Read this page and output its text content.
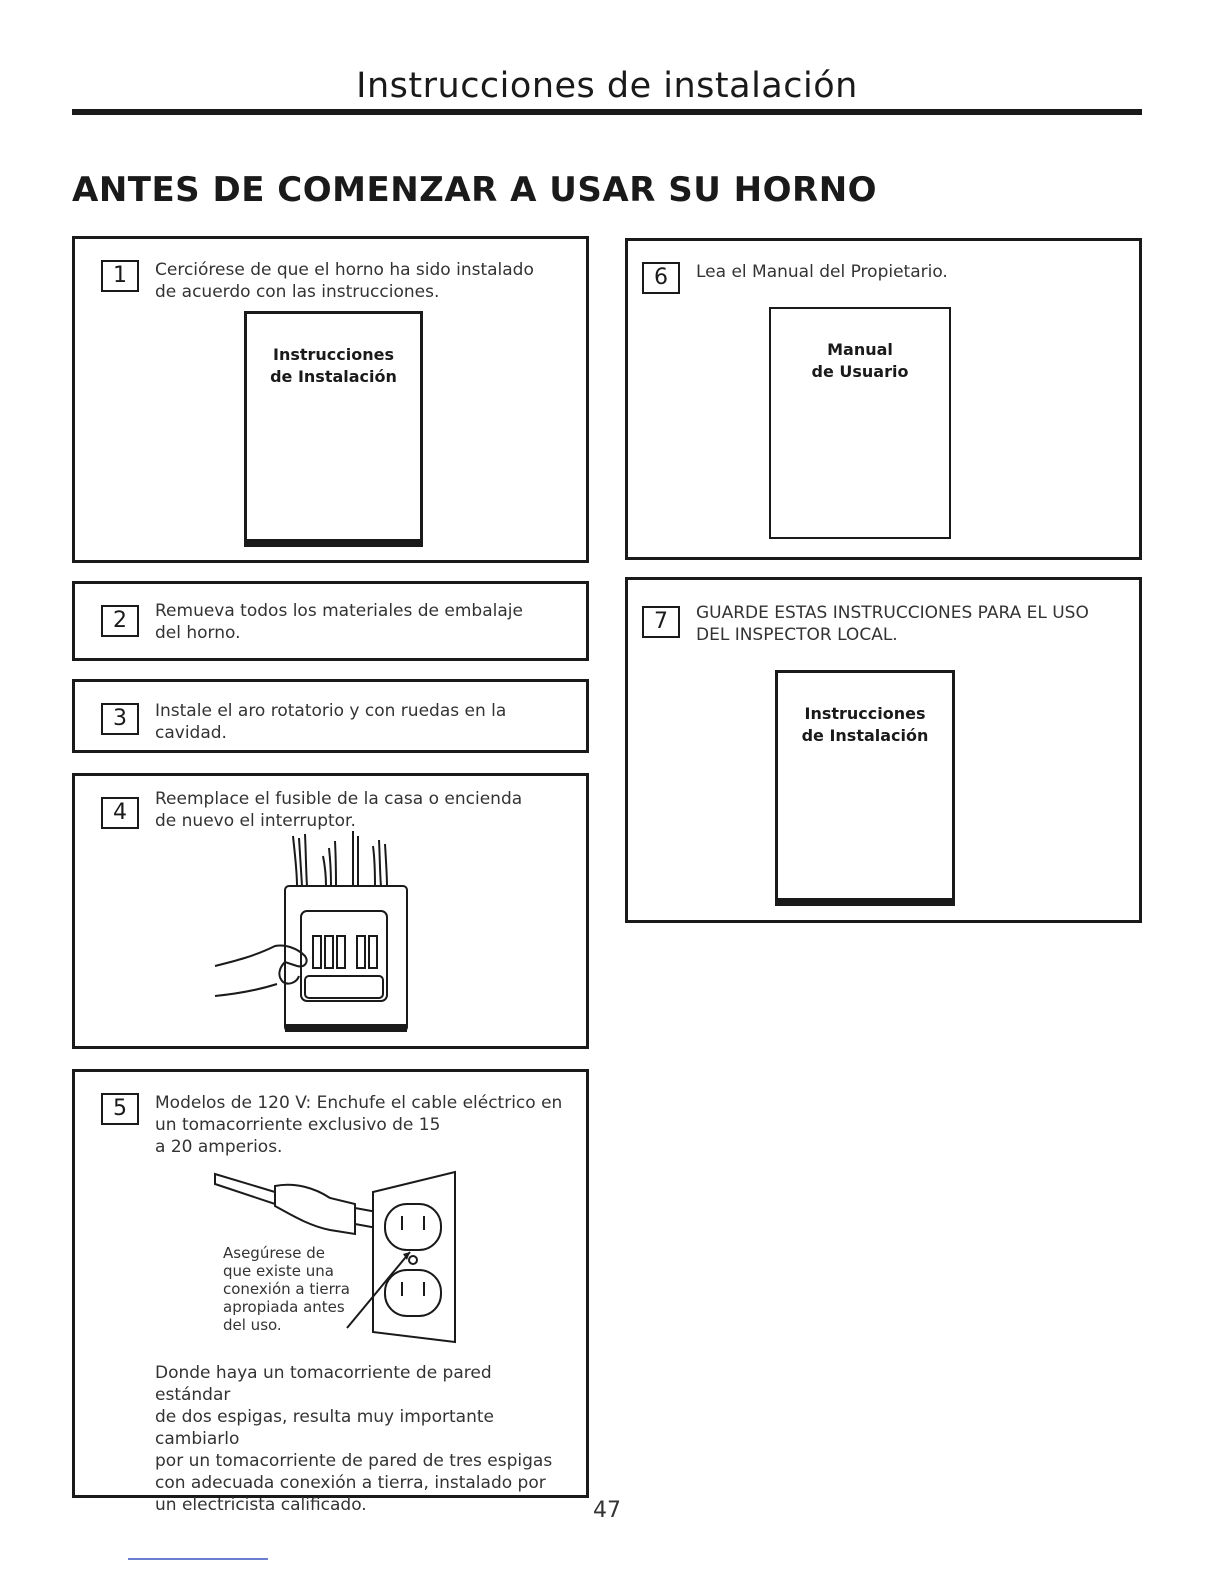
Instrucciones de instalación
ANTES DE COMENZAR A USAR SU HORNO
1	Cerciórese de que el horno ha sido instalado
de acuerdo con las instrucciones.
Instrucciones
de Instalación
2	Remueva todos los materiales de embalaje
del horno.
3	Instale el aro rotatorio y con ruedas en la cavidad.
4
Reemplace el fusible de la casa o encienda
de nuevo el interruptor.
5	Modelos de 120 V: Enchufe el cable eléctrico en
un tomacorriente exclusivo de 15
a 20 amperios.
Asegúrese de
que existe una
conexión a tierra
apropiada antes
del uso.
Donde haya un tomacorriente de pared estándar
de dos espigas, resulta muy importante cambiarlo
por un tomacorriente de pared de tres espigas
con adecuada conexión a tierra, instalado por
un electricista calificado.
6	Lea el Manual del Propietario.
Manual
de Usuario
7	GUARDE ESTAS INSTRUCCIONES PARA EL USO
DEL INSPECTOR LOCAL.
Instrucciones
de Instalación
47
